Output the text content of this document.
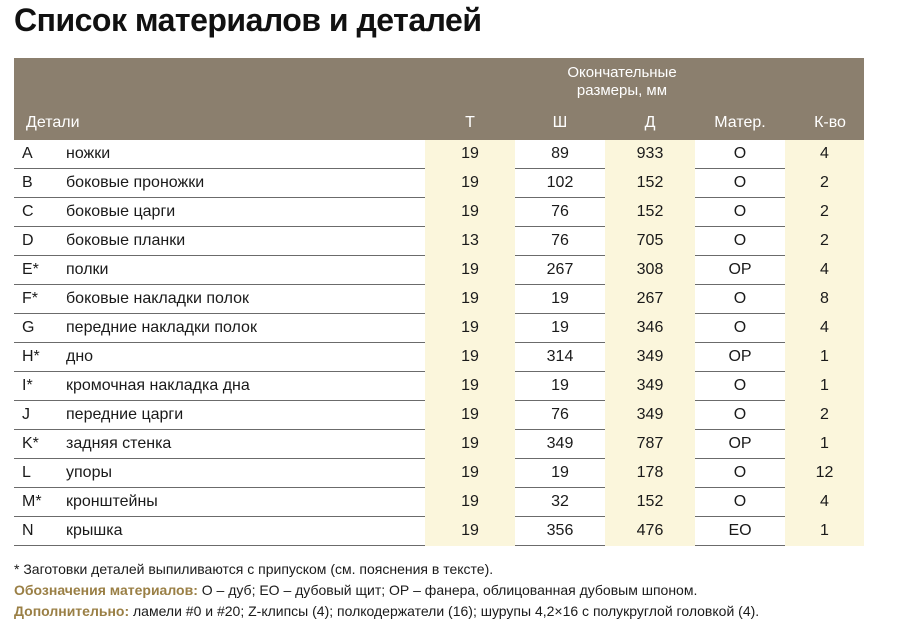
Список материалов и деталей
Окончательные
размеры, мм
Детали	Т	Ш	Д	Матер.	К-во
A ножки	19	89	933	О	4
B боковые проножки	19	102	152	О	2
C боковые царги	19	76	152	О	2
D боковые планки	13	76	705	О	2
E* полки	19	267	308	ОР	4
F* боковые накладки полок	19	19	267	О	8
G передние накладки полок	19	19	346	О	4
H* дно	19	314	349	ОР	1
I* кромочная накладка дна	19	19	349	О	1
J передние царги	19	76	349	О	2
K* задняя стенка	19	349	787	ОР	1
L упоры	19	19	178	О	12
M* кронштейны	19	32	152	О	4
N крышка	19	356	476	ЕО	1
* Заготовки деталей выпиливаются с припуском (см. пояснения в тексте).
Обозначения материалов: О – дуб; ЕО – дубовый щит; ОР – фанера, облицованная дубовым шпоном.
Дополнительно: ламели #0 и #20; Z-клипсы (4); полкодержатели (16); шурупы 4,2×16 с полукруглой головкой (4).
